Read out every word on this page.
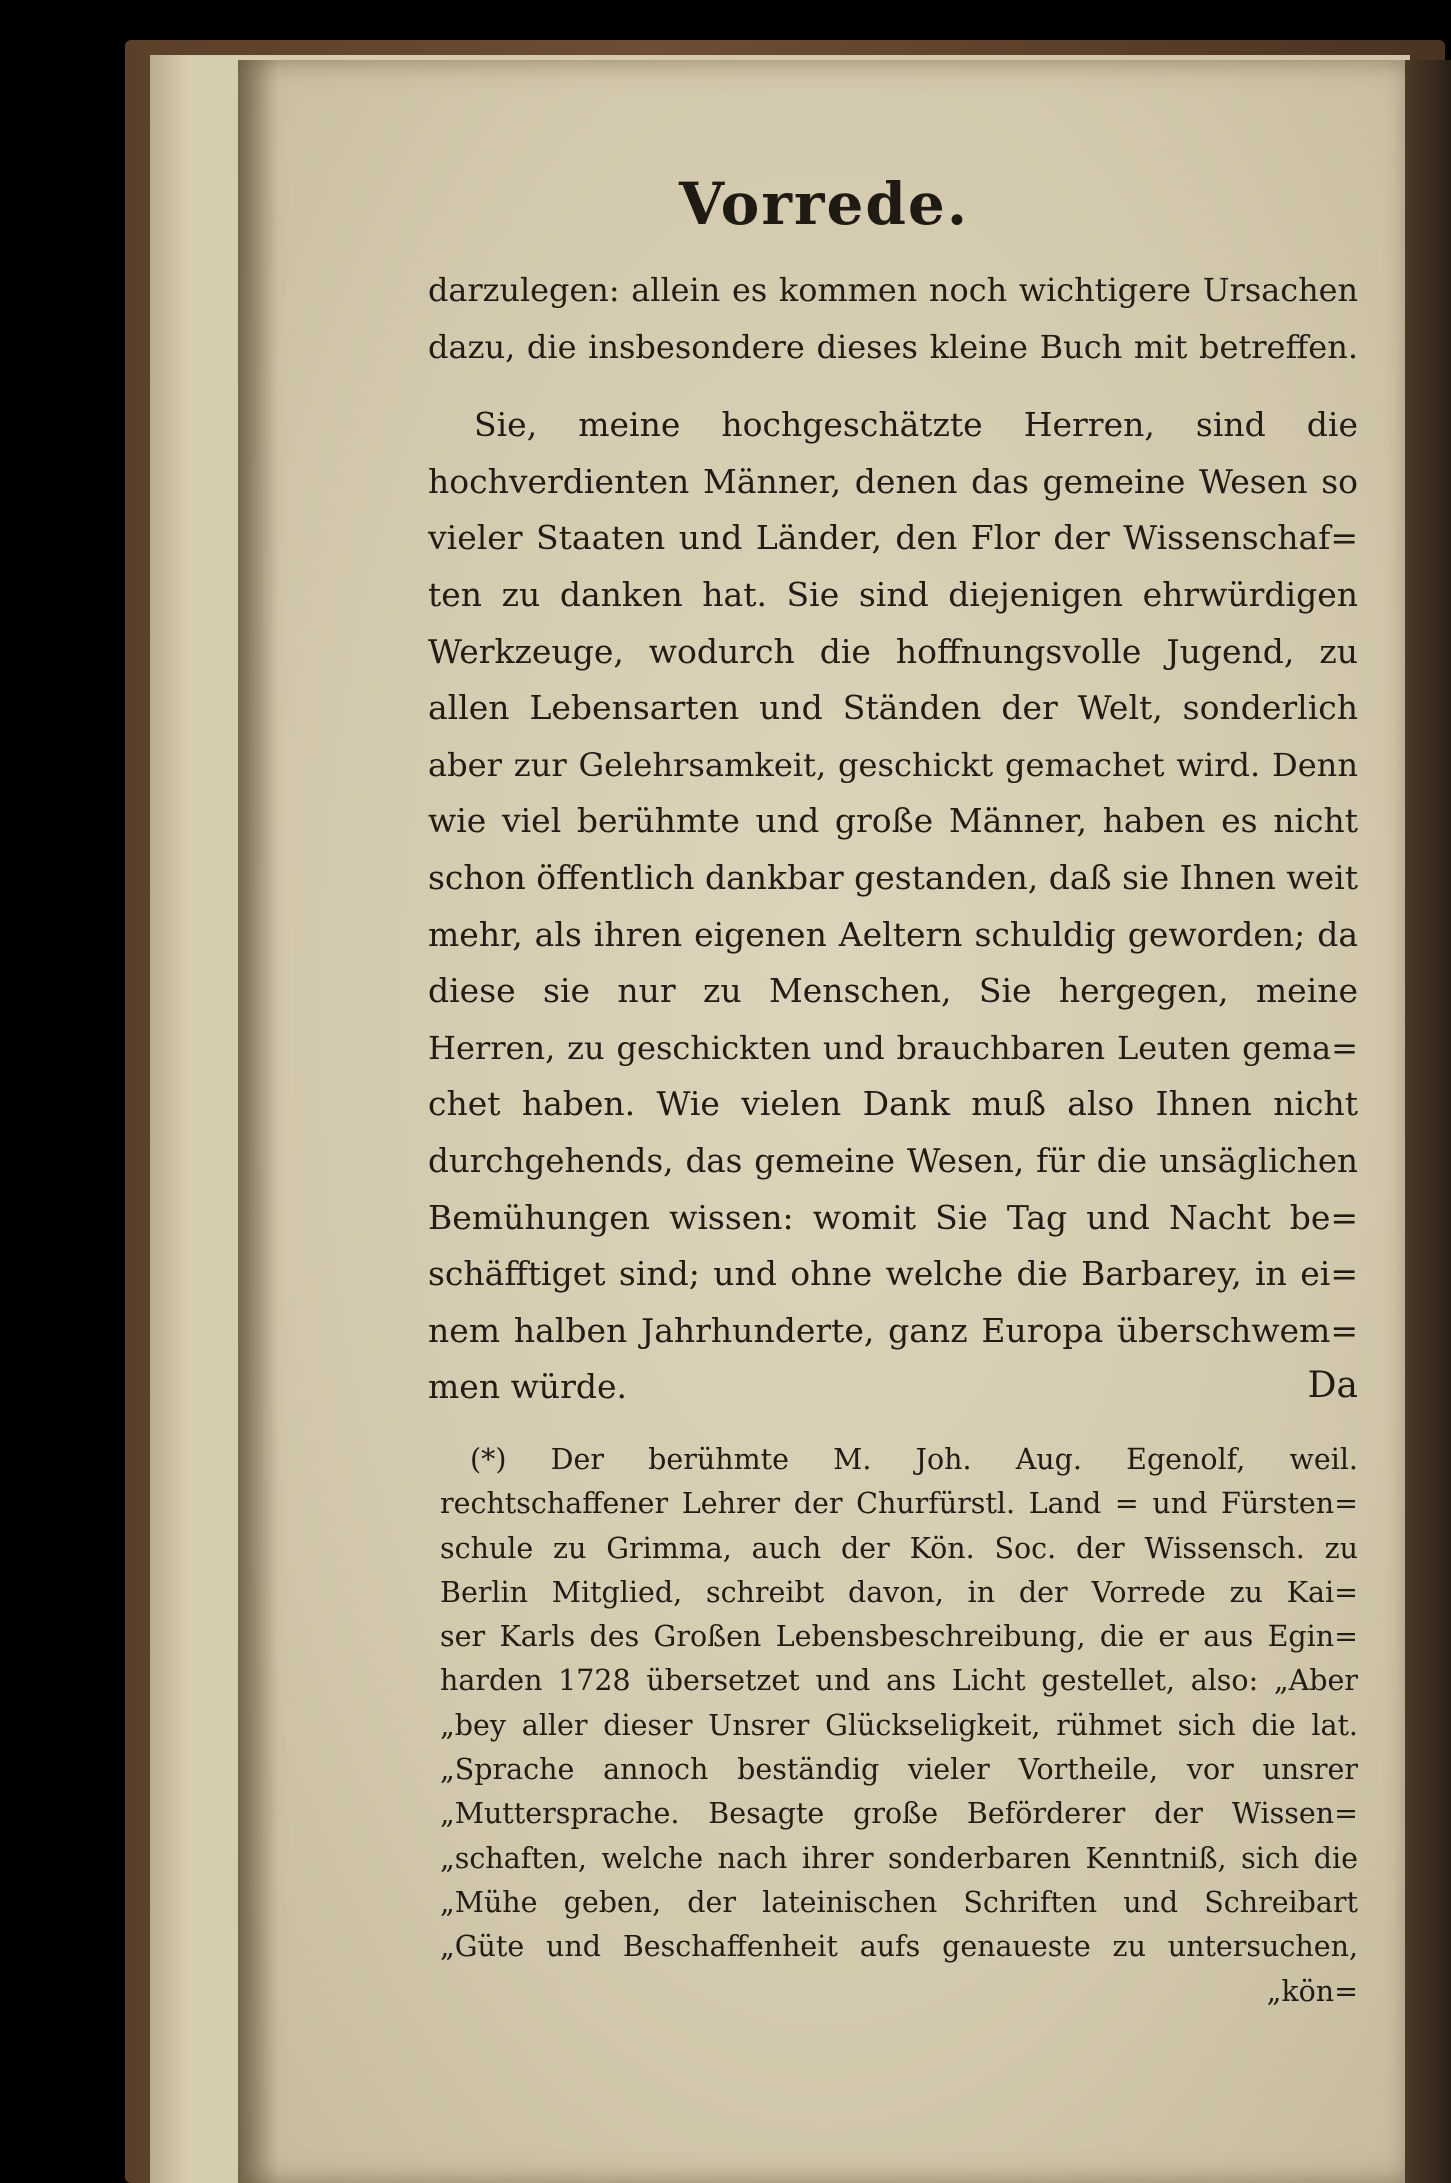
Vorrede.
darzulegen: allein es kommen noch wichtigere Ursachen
dazu, die insbesondere dieses kleine Buch mit betreffen.
Sie, meine hochgeschätzte Herren, sind die
hochverdienten Männer, denen das gemeine Wesen so
vieler Staaten und Länder, den Flor der Wissenschaf=
ten zu danken hat. Sie sind diejenigen ehrwürdigen
Werkzeuge, wodurch die hoffnungsvolle Jugend, zu
allen Lebensarten und Ständen der Welt, sonderlich
aber zur Gelehrsamkeit, geschickt gemachet wird. Denn
wie viel berühmte und große Männer, haben es nicht
schon öffentlich dankbar gestanden, daß sie Ihnen weit
mehr, als ihren eigenen Aeltern schuldig geworden; da
diese sie nur zu Menschen, Sie hergegen, meine
Herren, zu geschickten und brauchbaren Leuten gema=
chet haben. Wie vielen Dank muß also Ihnen nicht
durchgehends, das gemeine Wesen, für die unsäglichen
Bemühungen wissen: womit Sie Tag und Nacht be=
schäfftiget sind; und ohne welche die Barbarey, in ei=
nem halben Jahrhunderte, ganz Europa überschwem=
men würde.	Da
(*) Der berühmte M. Joh. Aug. Egenolf, weil.
rechtschaffener Lehrer der Churfürstl. Land = und Fürsten=
schule zu Grimma, auch der Kön. Soc. der Wissensch. zu
Berlin Mitglied, schreibt davon, in der Vorrede zu Kai=
ser Karls des Großen Lebensbeschreibung, die er aus Egin=
harden 1728 übersetzet und ans Licht gestellet, also: „Aber
„bey aller dieser Unsrer Glückseligkeit, rühmet sich die lat.
„Sprache annoch beständig vieler Vortheile, vor unsrer
„Muttersprache. Besagte große Beförderer der Wissen=
„schaften, welche nach ihrer sonderbaren Kenntniß, sich die
„Mühe geben, der lateinischen Schriften und Schreibart
„Güte und Beschaffenheit aufs genaueste zu untersuchen,
„kön=
